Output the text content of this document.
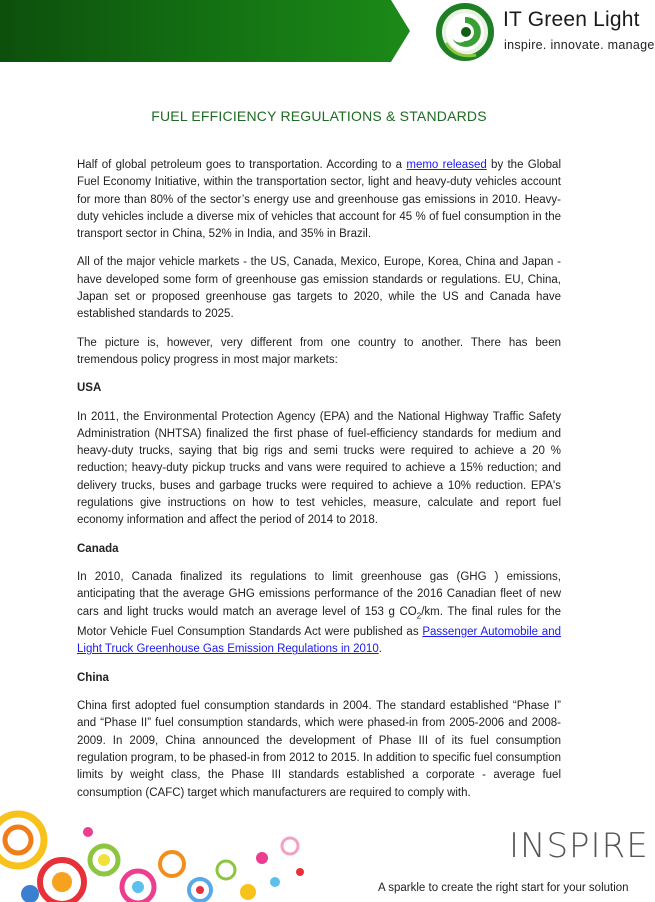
IT Green Light
inspire. innovate. manage
FUEL EFFICIENCY REGULATIONS & STANDARDS

Half of global petroleum goes to transportation. According to a memo released by the Global Fuel Economy Initiative, within the transportation sector, light and heavy-duty vehicles account for more than 80% of the sector’s energy use and greenhouse gas emissions in 2010. Heavy-duty vehicles include a diverse mix of vehicles that account for 45 % of fuel consumption in the transport sector in China, 52% in India, and 35% in Brazil.

All of the major vehicle markets - the US, Canada, Mexico, Europe, Korea, China and Japan - have developed some form of greenhouse gas emission standards or regulations. EU, China, Japan set or proposed greenhouse gas targets to 2020, while the US and Canada have established standards to 2025.

The picture is, however, very different from one country to another. There has been tremendous policy progress in most major markets:

USA

In 2011, the Environmental Protection Agency (EPA) and the National Highway Traffic Safety Administration (NHTSA) finalized the first phase of fuel-efficiency standards for medium and heavy-duty trucks, saying that big rigs and semi trucks were required to achieve a 20 % reduction; heavy-duty pickup trucks and vans were required to achieve a 15% reduction; and delivery trucks, buses and garbage trucks were required to achieve a 10% reduction. EPA's regulations give instructions on how to test vehicles, measure, calculate and report fuel economy information and affect the period of 2014 to 2018.

Canada

In 2010, Canada finalized its regulations to limit greenhouse gas (GHG ) emissions, anticipating that the average GHG emissions performance of the 2016 Canadian fleet of new cars and light trucks would match an average level of 153 g $CO_2/km$. The final rules for the Motor Vehicle Fuel Consumption Standards Act were published as Passenger Automobile and Light Truck Greenhouse Gas Emission Regulations in 2010.

China

China first adopted fuel consumption standards in 2004. The standard established “Phase I” and “Phase II” fuel consumption standards, which were phased-in from 2005-2006 and 2008-2009. In 2009, China announced the development of Phase III of its fuel consumption regulation program, to be phased-in from 2012 to 2015. In addition to specific fuel consumption limits by weight class, the Phase III standards established a corporate - average fuel consumption (CAFC) target which manufacturers are required to comply with.

INSPIRE
A sparkle to create the right start for your solution
